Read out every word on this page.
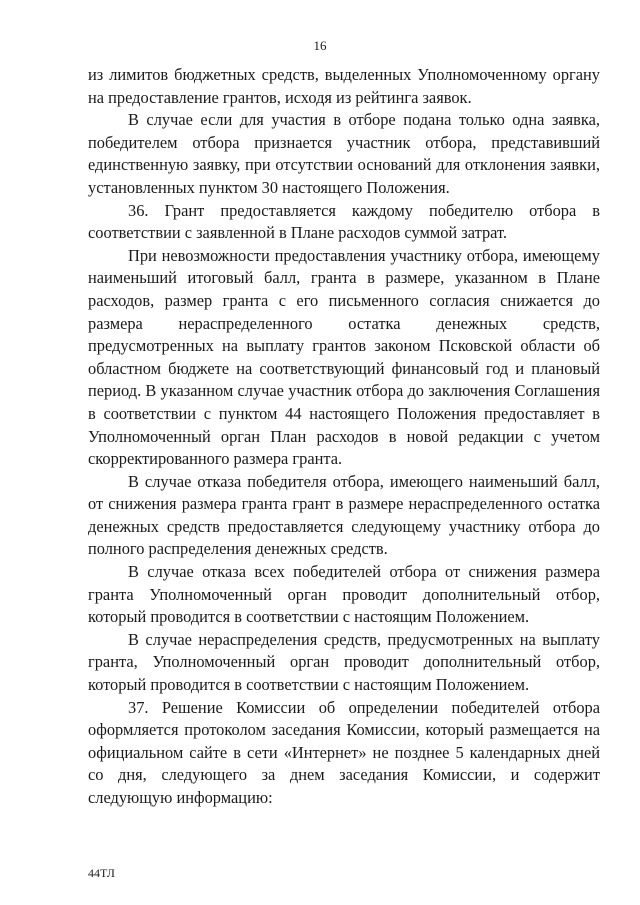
16

из лимитов бюджетных средств, выделенных Уполномоченному органу на предоставление грантов, исходя из рейтинга заявок.

В случае если для участия в отборе подана только одна заявка, победителем отбора признается участник отбора, представивший единственную заявку, при отсутствии оснований для отклонения заявки, установленных пунктом 30 настоящего Положения.

36. Грант предоставляется каждому победителю отбора в соответствии с заявленной в Плане расходов суммой затрат.

При невозможности предоставления участнику отбора, имеющему наименьший итоговый балл, гранта в размере, указанном в Плане расходов, размер гранта с его письменного согласия снижается до размера нераспределенного остатка денежных средств, предусмотренных на выплату грантов законом Псковской области об областном бюджете на соответствующий финансовый год и плановый период. В указанном случае участник отбора до заключения Соглашения в соответствии с пунктом 44 настоящего Положения предоставляет в Уполномоченный орган План расходов в новой редакции с учетом скорректированного размера гранта.

В случае отказа победителя отбора, имеющего наименьший балл, от снижения размера гранта грант в размере нераспределенного остатка денежных средств предоставляется следующему участнику отбора до полного распределения денежных средств.

В случае отказа всех победителей отбора от снижения размера гранта Уполномоченный орган проводит дополнительный отбор, который проводится в соответствии с настоящим Положением.

В случае нераспределения средств, предусмотренных на выплату гранта, Уполномоченный орган проводит дополнительный отбор, который проводится в соответствии с настоящим Положением.

37. Решение Комиссии об определении победителей отбора оформляется протоколом заседания Комиссии, который размещается на официальном сайте в сети «Интернет» не позднее 5 календарных дней со дня, следующего за днем заседания Комиссии, и содержит следующую информацию:

44ТЛ
